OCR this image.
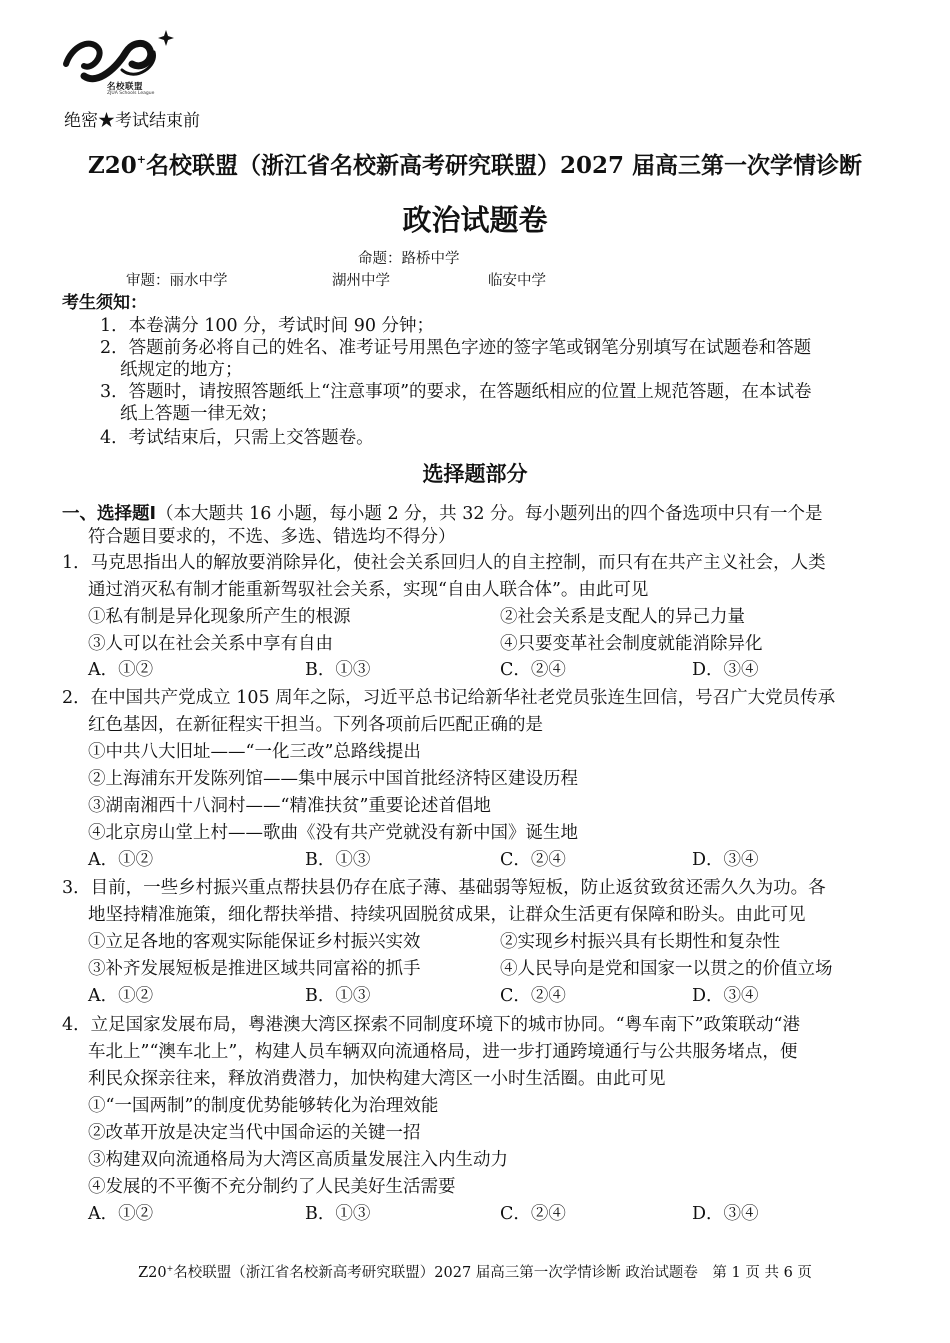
名校联盟
ZJUA Schools League
绝密★考试结束前
Z20+名校联盟（浙江省名校新高考研究联盟）2027 届高三第一次学情诊断
政治试题卷
命题：路桥中学
审题：丽水中学	湖州中学	临安中学
考生须知：
1．本卷满分 100 分，考试时间 90 分钟；
2．答题前务必将自己的姓名、准考证号用黑色字迹的签字笔或钢笔分别填写在试题卷和答题
纸规定的地方；
3．答题时，请按照答题纸上“注意事项”的要求，在答题纸相应的位置上规范答题，在本试卷
纸上答题一律无效；
4．考试结束后，只需上交答题卷。
选择题部分
一、选择题Ⅰ（本大题共 16 小题，每小题 2 分，共 32 分。每小题列出的四个备选项中只有一个是
符合题目要求的，不选、多选、错选均不得分）
1．马克思指出人的解放要消除异化，使社会关系回归人的自主控制，而只有在共产主义社会，人类
通过消灭私有制才能重新驾驭社会关系，实现“自由人联合体”。由此可见
①私有制是异化现象所产生的根源	②社会关系是支配人的异己力量
③人可以在社会关系中享有自由	④只要变革社会制度就能消除异化
A．①②	B．①③	C．②④	D．③④
2．在中国共产党成立 105 周年之际，习近平总书记给新华社老党员张连生回信，号召广大党员传承
红色基因，在新征程实干担当。下列各项前后匹配正确的是
①中共八大旧址——“一化三改”总路线提出
②上海浦东开发陈列馆——集中展示中国首批经济特区建设历程
③湖南湘西十八洞村——“精准扶贫”重要论述首倡地
④北京房山堂上村——歌曲《没有共产党就没有新中国》诞生地
A．①②	B．①③	C．②④	D．③④
3．目前，一些乡村振兴重点帮扶县仍存在底子薄、基础弱等短板，防止返贫致贫还需久久为功。各
地坚持精准施策，细化帮扶举措、持续巩固脱贫成果，让群众生活更有保障和盼头。由此可见
①立足各地的客观实际能保证乡村振兴实效	②实现乡村振兴具有长期性和复杂性
③补齐发展短板是推进区域共同富裕的抓手	④人民导向是党和国家一以贯之的价值立场
A．①②	B．①③	C．②④	D．③④
4．立足国家发展布局，粤港澳大湾区探索不同制度环境下的城市协同。“粤车南下”政策联动“港
车北上”“澳车北上”，构建人员车辆双向流通格局，进一步打通跨境通行与公共服务堵点，便
利民众探亲往来，释放消费潜力，加快构建大湾区一小时生活圈。由此可见
①“一国两制”的制度优势能够转化为治理效能
②改革开放是决定当代中国命运的关键一招
③构建双向流通格局为大湾区高质量发展注入内生动力
④发展的不平衡不充分制约了人民美好生活需要
A．①②	B．①③	C．②④	D．③④
Z20+名校联盟（浙江省名校新高考研究联盟）2027 届高三第一次学情诊断 政治试题卷　第 1 页 共 6 页
